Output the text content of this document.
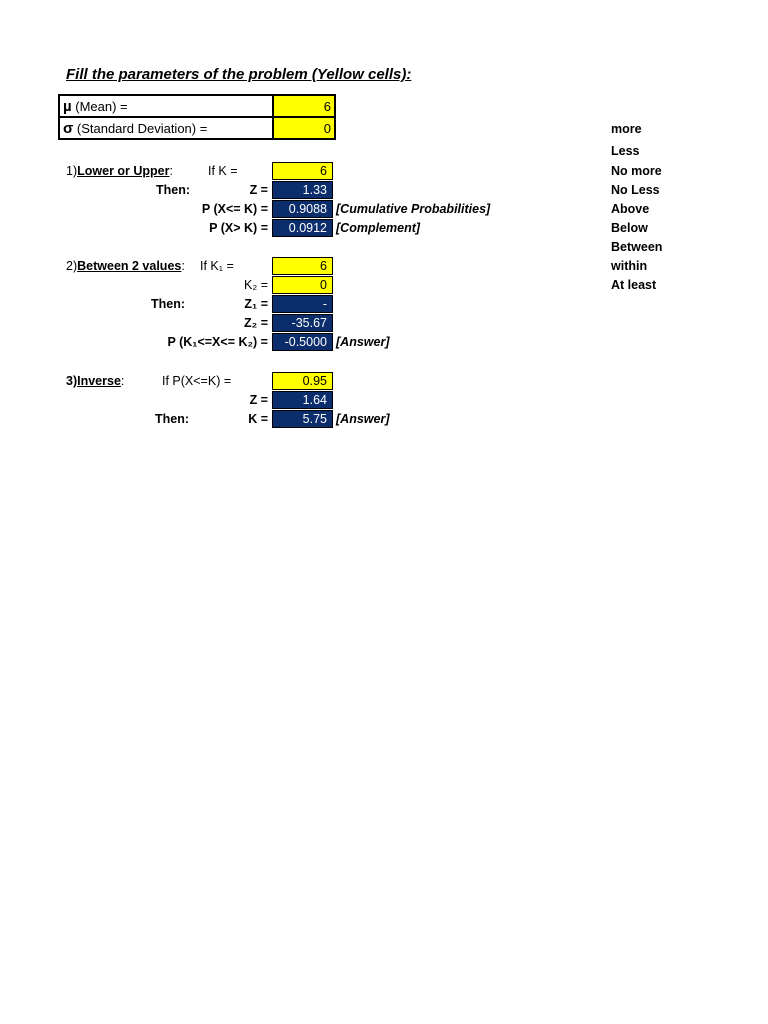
Fill the parameters of the problem (Yellow cells):
µ (Mean) =	6
σ (Standard Deviation) =	0
1)Lower or Upper:	If K =	6
Then:	Z =	1.33
P (X<= K) =	0.9088 [Cumulative Probabilities]
P (X> K) =	0.0912 [Complement]
2)Between 2 values: If K₁ =	6
K₂ =	0
Then:	Z₁ =	-
Z₂ =	-35.67
P (K₁<=X<= K₂) =	-0.5000 [Answer]
3)Inverse:	If P(X<=K) =	0.95
Z =	1.64
Then:	K =	5.75 [Answer]
more
Less
No more
No Less
Above
Below
Between
within
At least
